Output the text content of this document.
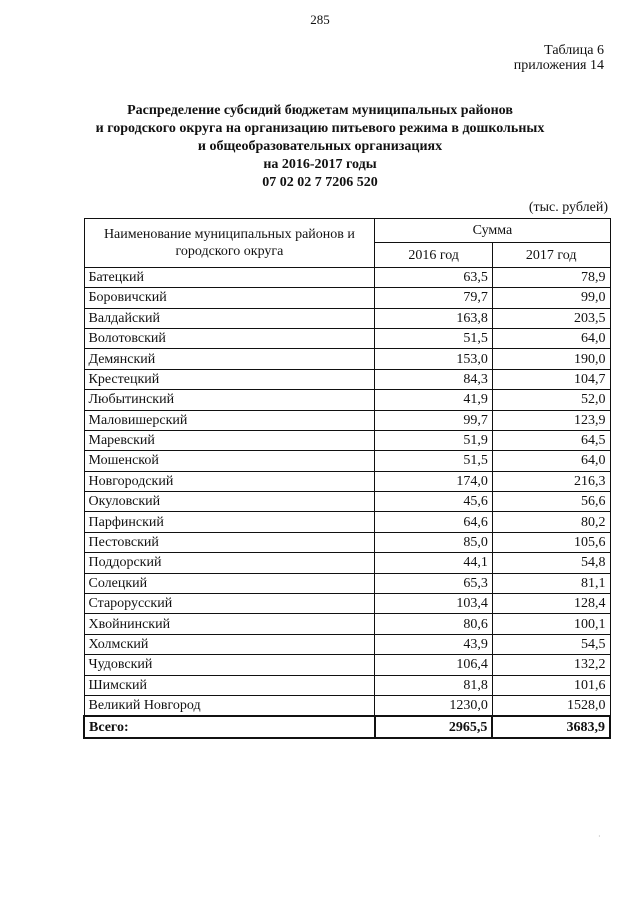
285
Таблица 6
приложения 14
Распределение субсидий бюджетам муниципальных районов
и городского округа на организацию питьевого режима в дошкольных
и общеобразовательных организациях
на 2016-2017 годы
07 02 02 7 7206 520
(тыс. рублей)
Наименование муниципальных районов и городского округа	Сумма	
	2016 год	2017 год
Батецкий	63,5	78,9
Боровичский	79,7	99,0
Валдайский	163,8	203,5
Волотовский	51,5	64,0
Демянский	153,0	190,0
Крестецкий	84,3	104,7
Любытинский	41,9	52,0
Маловишерский	99,7	123,9
Маревский	51,9	64,5
Мошенской	51,5	64,0
Новгородский	174,0	216,3
Окуловский	45,6	56,6
Парфинский	64,6	80,2
Пестовский	85,0	105,6
Поддорский	44,1	54,8
Солецкий	65,3	81,1
Старорусский	103,4	128,4
Хвойнинский	80,6	100,1
Холмский	43,9	54,5
Чудовский	106,4	132,2
Шимский	81,8	101,6
Великий Новгород	1230,0	1528,0
Всего:	2965,5	3683,9
·
